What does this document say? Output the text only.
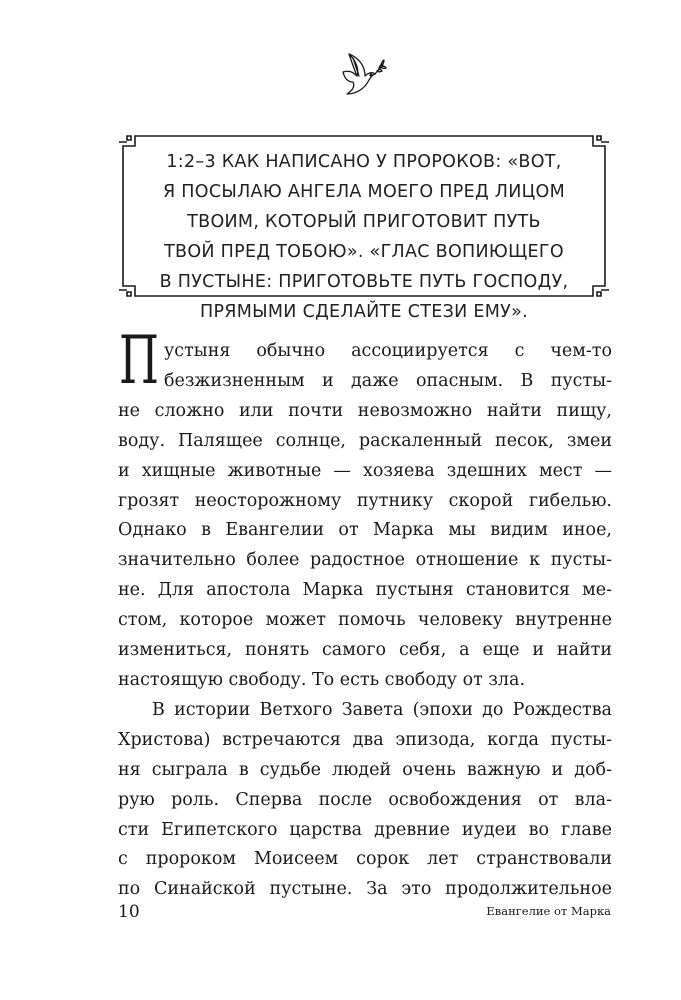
1:2–3 КАК НАПИСАНО У ПРОРОКОВ: «ВОТ,
Я ПОСЫЛАЮ АНГЕЛА МОЕГО ПРЕД ЛИЦОМ
ТВОИМ, КОТОРЫЙ ПРИГОТОВИТ ПУТЬ
ТВОЙ ПРЕД ТОБОЮ». «ГЛАС ВОПИЮЩЕГО
В ПУСТЫНЕ: ПРИГОТОВЬТЕ ПУТЬ ГОСПОДУ,
ПРЯМЫМИ СДЕЛАЙТЕ СТЕЗИ ЕМУ».
П устыня обычно ассоциируется с чем-то
безжизненным и даже опасным. В пусты-
не сложно или почти невозможно найти пищу,
воду. Палящее солнце, раскаленный песок, змеи
и хищные животные — хозяева здешних мест —
грозят неосторожному путнику скорой гибелью.
Однако в Евангелии от Марка мы видим иное,
значительно более радостное отношение к пусты-
не. Для апостола Марка пустыня становится ме-
стом, которое может помочь человеку внутренне
измениться, понять самого себя, а еще и найти
настоящую свободу. То есть свободу от зла.
В истории Ветхого Завета (эпохи до Рождества
Христова) встречаются два эпизода, когда пусты-
ня сыграла в судьбе людей очень важную и доб-
рую роль. Сперва после освобождения от вла-
сти Египетского царства древние иудеи во главе
с пророком Моисеем сорок лет странствовали
по Синайской пустыне. За это продолжительное
10	Евангелие от Марка
